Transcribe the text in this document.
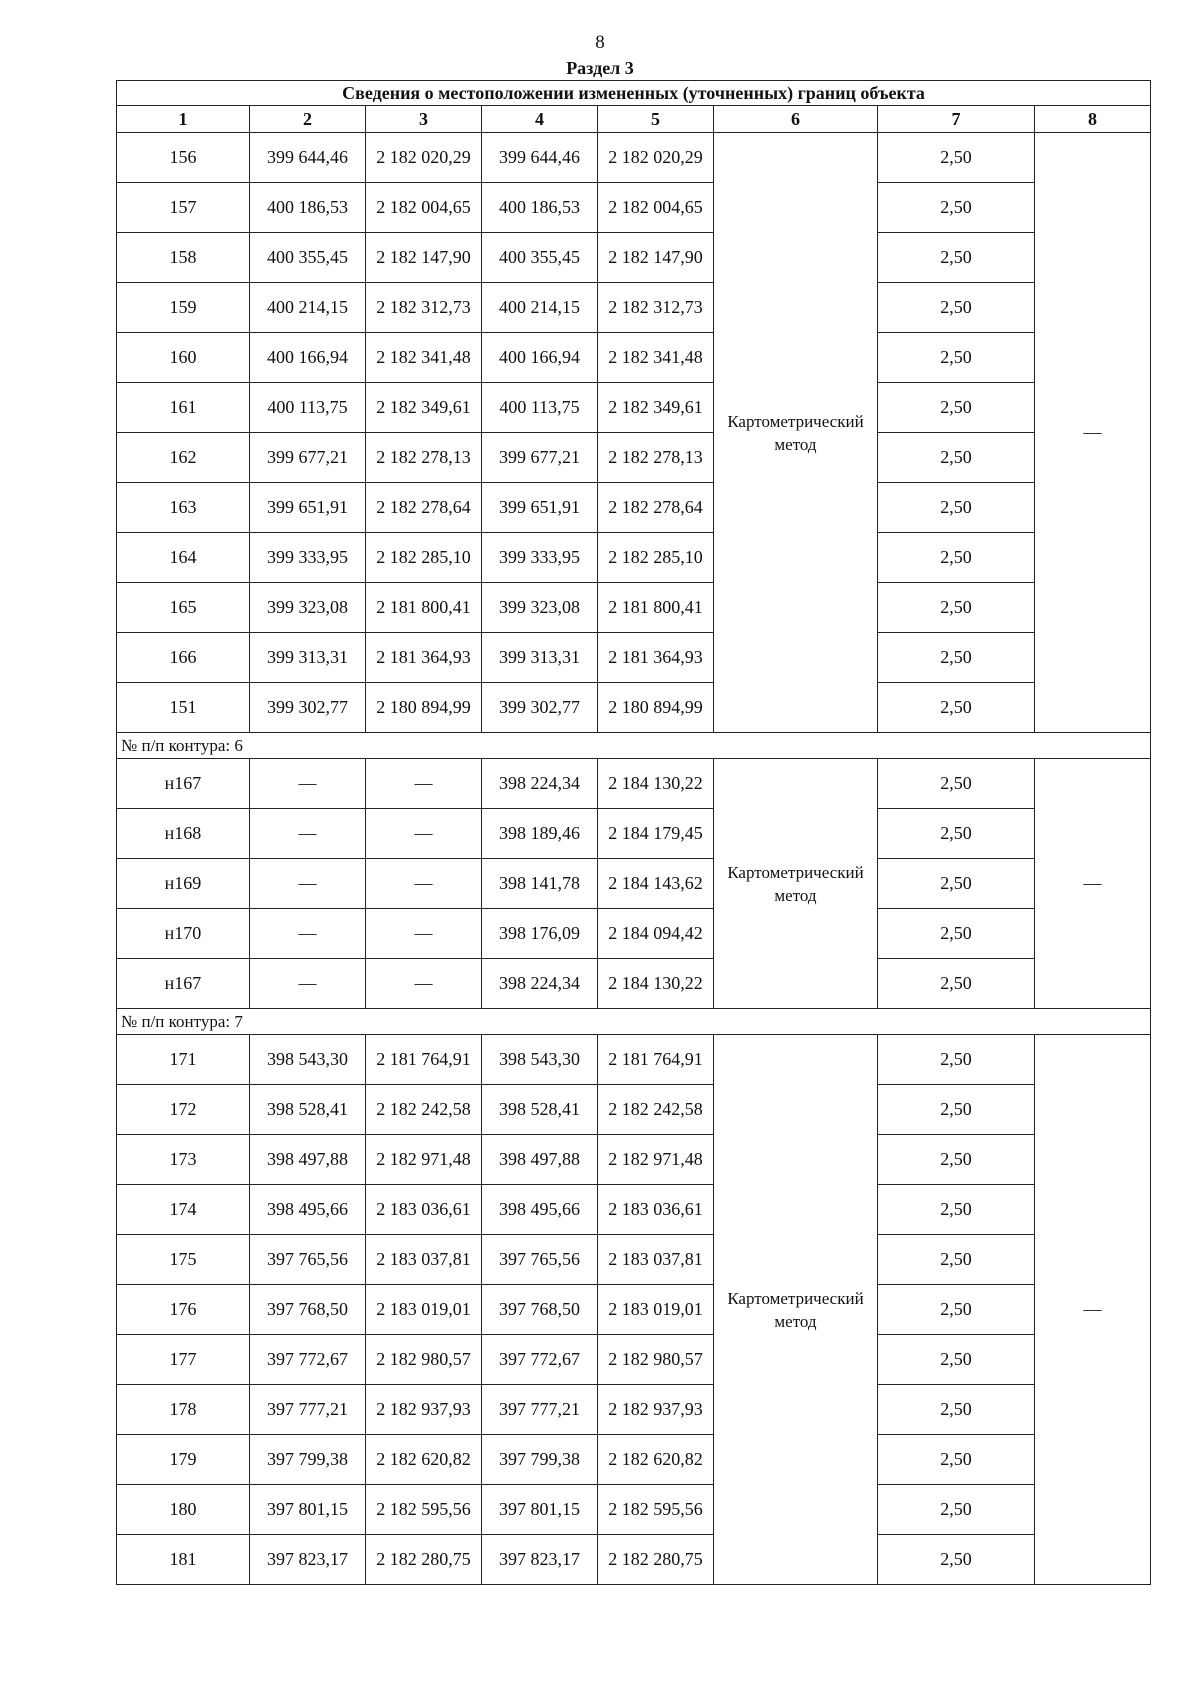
8
Раздел 3
Сведения о местоположении измененных (уточненных) границ объекта							
1	2	3	4	5	6	7	8
156	399 644,46	2 182 020,29	399 644,46	2 182 020,29	Картометрический метод	2,50	—
157	400 186,53	2 182 004,65	400 186,53	2 182 004,65		2,50	
158	400 355,45	2 182 147,90	400 355,45	2 182 147,90		2,50	
159	400 214,15	2 182 312,73	400 214,15	2 182 312,73		2,50	
160	400 166,94	2 182 341,48	400 166,94	2 182 341,48		2,50	
161	400 113,75	2 182 349,61	400 113,75	2 182 349,61		2,50	
162	399 677,21	2 182 278,13	399 677,21	2 182 278,13		2,50	
163	399 651,91	2 182 278,64	399 651,91	2 182 278,64		2,50	
164	399 333,95	2 182 285,10	399 333,95	2 182 285,10		2,50	
165	399 323,08	2 181 800,41	399 323,08	2 181 800,41		2,50	
166	399 313,31	2 181 364,93	399 313,31	2 181 364,93		2,50	
151	399 302,77	2 180 894,99	399 302,77	2 180 894,99		2,50	
№ п/п контура: 6							
н167	—	—	398 224,34	2 184 130,22	Картометрический метод	2,50	—
н168	—	—	398 189,46	2 184 179,45		2,50	
н169	—	—	398 141,78	2 184 143,62		2,50	
н170	—	—	398 176,09	2 184 094,42		2,50	
н167	—	—	398 224,34	2 184 130,22		2,50	
№ п/п контура: 7							
171	398 543,30	2 181 764,91	398 543,30	2 181 764,91	Картометрический метод	2,50	—
172	398 528,41	2 182 242,58	398 528,41	2 182 242,58		2,50	
173	398 497,88	2 182 971,48	398 497,88	2 182 971,48		2,50	
174	398 495,66	2 183 036,61	398 495,66	2 183 036,61		2,50	
175	397 765,56	2 183 037,81	397 765,56	2 183 037,81		2,50	
176	397 768,50	2 183 019,01	397 768,50	2 183 019,01		2,50	
177	397 772,67	2 182 980,57	397 772,67	2 182 980,57		2,50	
178	397 777,21	2 182 937,93	397 777,21	2 182 937,93		2,50	
179	397 799,38	2 182 620,82	397 799,38	2 182 620,82		2,50	
180	397 801,15	2 182 595,56	397 801,15	2 182 595,56		2,50	
181	397 823,17	2 182 280,75	397 823,17	2 182 280,75		2,50	
